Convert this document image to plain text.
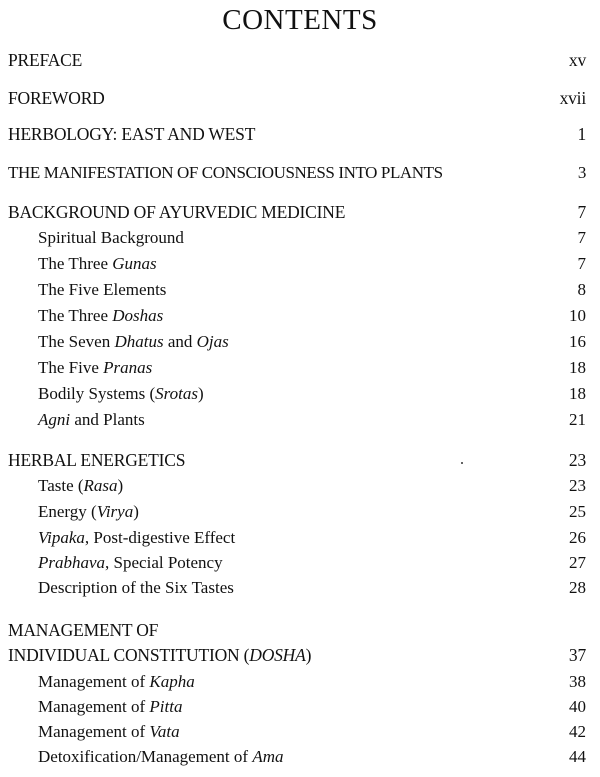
CONTENTS
PREFACE	xv
FOREWORD	xvii
HERBOLOGY: EAST AND WEST	1
THE MANIFESTATION OF CONSCIOUSNESS INTO PLANTS	3
BACKGROUND OF AYURVEDIC MEDICINE	7
Spiritual Background	7
The Three Gunas	7
The Five Elements	8
The Three Doshas	10
The Seven Dhatus and Ojas	16
The Five Pranas	18
Bodily Systems (Srotas)	18
Agni and Plants	21
HERBAL ENERGETICS	23
Taste (Rasa)	23
Energy (Virya)	25
Vipaka, Post-digestive Effect	26
Prabhava, Special Potency	27
Description of the Six Tastes	28
MANAGEMENT OF
INDIVIDUAL CONSTITUTION (DOSHA)	37
Management of Kapha	38
Management of Pitta	40
Management of Vata	42
Detoxification/Management of Ama	44
